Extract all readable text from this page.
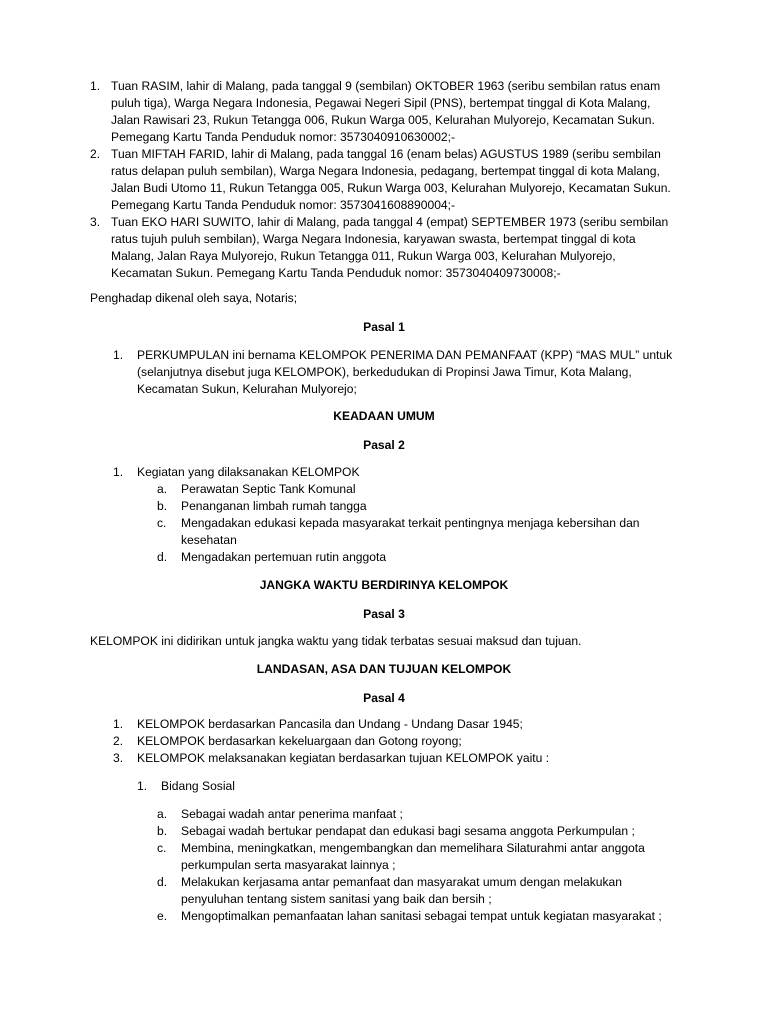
1. Tuan RASIM, lahir di Malang, pada tanggal 9 (sembilan) OKTOBER 1963 (seribu sembilan ratus enam puluh tiga), Warga Negara Indonesia, Pegawai Negeri Sipil (PNS), bertempat tinggal di Kota Malang, Jalan Rawisari 23, Rukun Tetangga 006, Rukun Warga 005, Kelurahan Mulyorejo, Kecamatan Sukun. Pemegang Kartu Tanda Penduduk nomor: 3573040910630002;-
2. Tuan MIFTAH FARID, lahir di Malang, pada tanggal 16 (enam belas) AGUSTUS 1989 (seribu sembilan ratus delapan puluh sembilan), Warga Negara Indonesia, pedagang, bertempat tinggal di kota Malang, Jalan Budi Utomo 11, Rukun Tetangga 005, Rukun Warga 003, Kelurahan Mulyorejo, Kecamatan Sukun. Pemegang Kartu Tanda Penduduk nomor: 3573041608890004;-
3. Tuan EKO HARI SUWITO, lahir di Malang, pada tanggal 4 (empat) SEPTEMBER 1973 (seribu sembilan ratus tujuh puluh sembilan), Warga Negara Indonesia, karyawan swasta, bertempat tinggal di kota Malang, Jalan Raya Mulyorejo, Rukun Tetangga 011, Rukun Warga 003, Kelurahan Mulyorejo, Kecamatan Sukun. Pemegang Kartu Tanda Penduduk nomor: 3573040409730008;-

Penghadap dikenal oleh saya, Notaris;

Pasal 1

1.	PERKUMPULAN ini bernama KELOMPOK PENERIMA DAN PEMANFAAT (KPP) “MAS MUL” untuk (selanjutnya disebut juga KELOMPOK), berkedudukan di Propinsi Jawa Timur, Kota Malang, Kecamatan Sukun, Kelurahan Mulyorejo;

KEADAAN UMUM

Pasal 2

1.	Kegiatan yang dilaksanakan KELOMPOK
a.	Perawatan Septic Tank Komunal
b.	Penanganan limbah rumah tangga
c.	Mengadakan edukasi kepada masyarakat terkait pentingnya menjaga kebersihan dan kesehatan
d.	Mengadakan pertemuan rutin anggota

JANGKA WAKTU BERDIRINYA KELOMPOK

Pasal 3

KELOMPOK ini didirikan untuk jangka waktu yang tidak terbatas sesuai maksud dan tujuan.

LANDASAN, ASA DAN TUJUAN KELOMPOK

Pasal 4

1.	KELOMPOK berdasarkan Pancasila dan Undang - Undang Dasar 1945;
2.	KELOMPOK berdasarkan kekeluargaan dan Gotong royong;
3.	KELOMPOK melaksanakan kegiatan berdasarkan tujuan KELOMPOK yaitu :
1.	Bidang Sosial
a.	Sebagai wadah antar penerima manfaat ;
b.	Sebagai wadah bertukar pendapat dan edukasi bagi sesama anggota Perkumpulan ;
c.	Membina, meningkatkan, mengembangkan dan memelihara Silaturahmi antar anggota perkumpulan serta masyarakat lainnya ;
d.	Melakukan kerjasama antar pemanfaat dan masyarakat umum dengan melakukan penyuluhan tentang sistem sanitasi yang baik dan bersih ;
e.	Mengoptimalkan pemanfaatan lahan sanitasi sebagai tempat untuk kegiatan masyarakat ;
